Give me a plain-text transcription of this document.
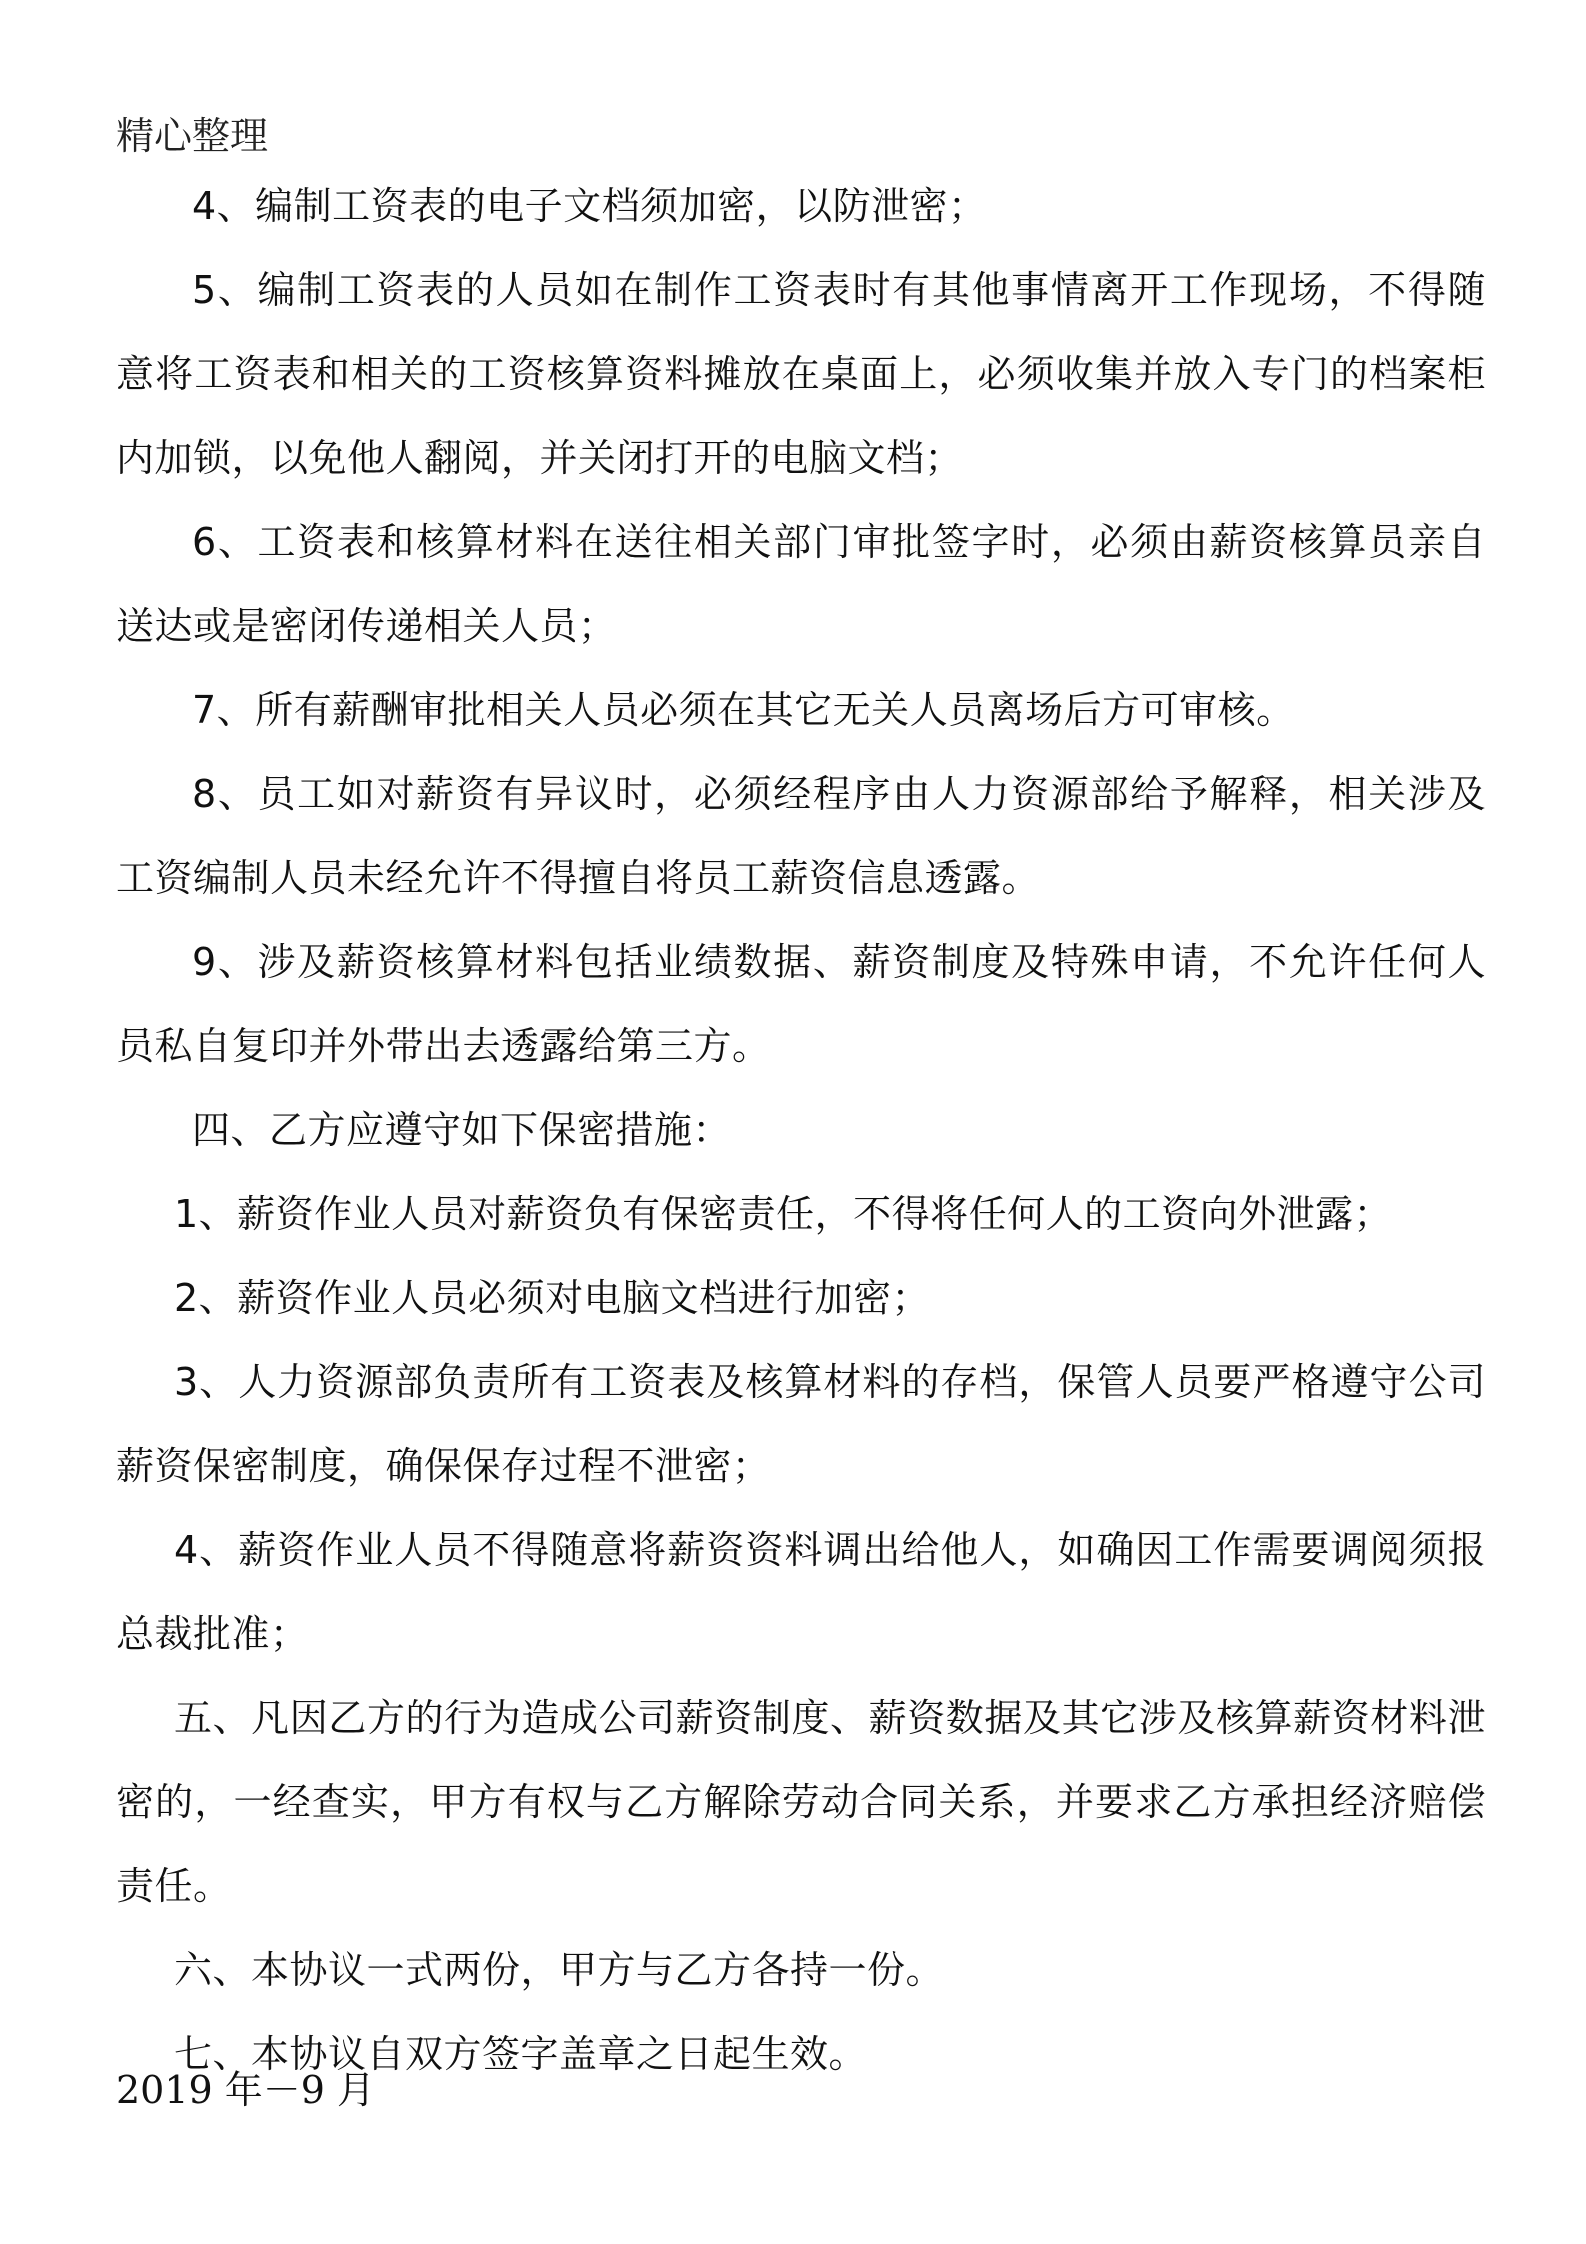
精心整理

4、编制工资表的电子文档须加密，以防泄密；

5、编制工资表的人员如在制作工资表时有其他事情离开工作现场，不得随意将工资表和相关的工资核算资料摊放在桌面上，必须收集并放入专门的档案柜内加锁，以免他人翻阅，并关闭打开的电脑文档；

6、工资表和核算材料在送往相关部门审批签字时，必须由薪资核算员亲自送达或是密闭传递相关人员；

7、所有薪酬审批相关人员必须在其它无关人员离场后方可审核。

8、员工如对薪资有异议时，必须经程序由人力资源部给予解释，相关涉及工资编制人员未经允许不得擅自将员工薪资信息透露。

9、涉及薪资核算材料包括业绩数据、薪资制度及特殊申请，不允许任何人员私自复印并外带出去透露给第三方。

四、乙方应遵守如下保密措施：

1、薪资作业人员对薪资负有保密责任，不得将任何人的工资向外泄露；

2、薪资作业人员必须对电脑文档进行加密；

3、人力资源部负责所有工资表及核算材料的存档，保管人员要严格遵守公司薪资保密制度，确保保存过程不泄密；

4、薪资作业人员不得随意将薪资资料调出给他人，如确因工作需要调阅须报总裁批准；

五、凡因乙方的行为造成公司薪资制度、薪资数据及其它涉及核算薪资材料泄密的，一经查实，甲方有权与乙方解除劳动合同关系，并要求乙方承担经济赔偿责任。

六、本协议一式两份，甲方与乙方各持一份。

七、本协议自双方签字盖章之日起生效。

2019 年－9 月
